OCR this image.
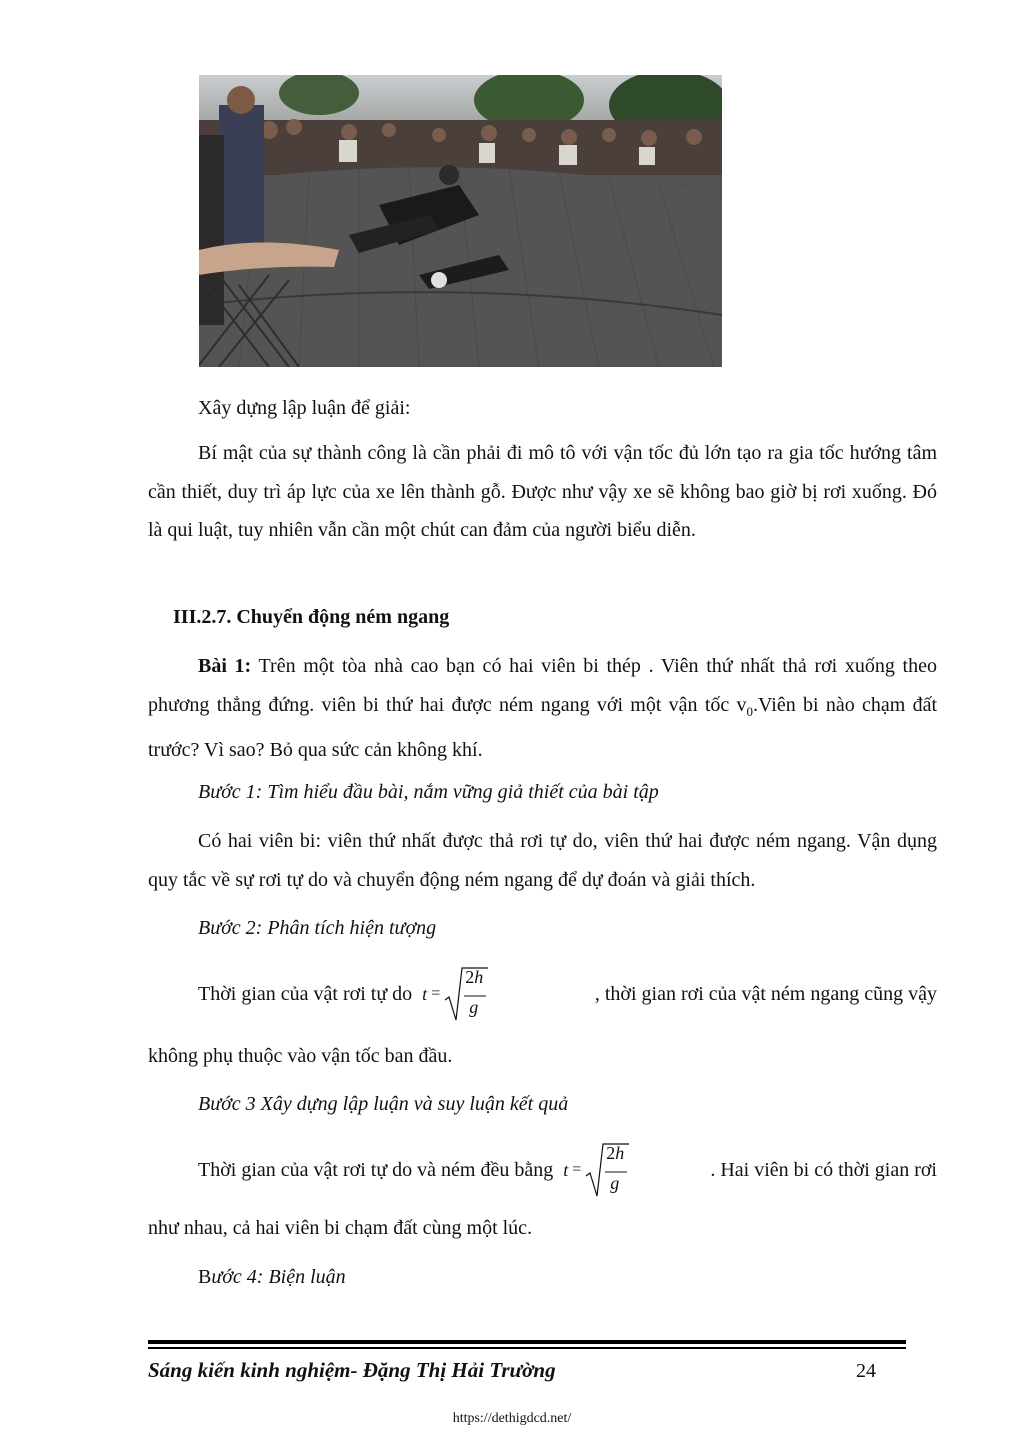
Xây dựng lập luận để giải:

Bí mật của sự thành công là cần phải đi mô tô với vận tốc đủ lớn tạo ra gia tốc hướng tâm cần thiết, duy trì áp lực của xe lên thành gỗ. Được như vậy xe sẽ không bao giờ bị rơi xuống. Đó là qui luật, tuy nhiên vẫn cần một chút can đảm của người biểu diễn.

III.2.7. Chuyển động ném ngang

Bài 1: Trên một tòa nhà cao bạn có hai viên bi thép . Viên thứ nhất thả rơi xuống theo phương thẳng đứng. viên bi thứ hai được ném ngang với một vận tốc $v_0.Viên$ bi nào chạm đất trước? Vì sao? Bỏ qua sức cản không khí.

Bước 1: Tìm hiểu đầu bài, nắm vững giả thiết của bài tập

Có hai viên bi: viên thứ nhất được thả rơi tự do, viên thứ hai được ném ngang. Vận dụng quy tắc về sự rơi tự do và chuyển động ném ngang để dự đoán và giải thích.

Bước 2: Phân tích hiện tượng

Thời gian của vật rơi tự do t =
2h
g
, thời gian rơi của vật ném ngang cũng vậy

không phụ thuộc vào vận tốc ban đầu.

Bước 3 Xây dựng lập luận và suy luận kết quả

Thời gian của vật rơi tự do và ném đều bằng t =
2h
g
. Hai viên bi có thời gian rơi

như nhau, cả hai viên bi chạm đất cùng một lúc.

Bước 4: Biện luận

Sáng kiến kinh nghiệm- Đặng Thị Hải Trường	24
https://dethigdcd.net/
